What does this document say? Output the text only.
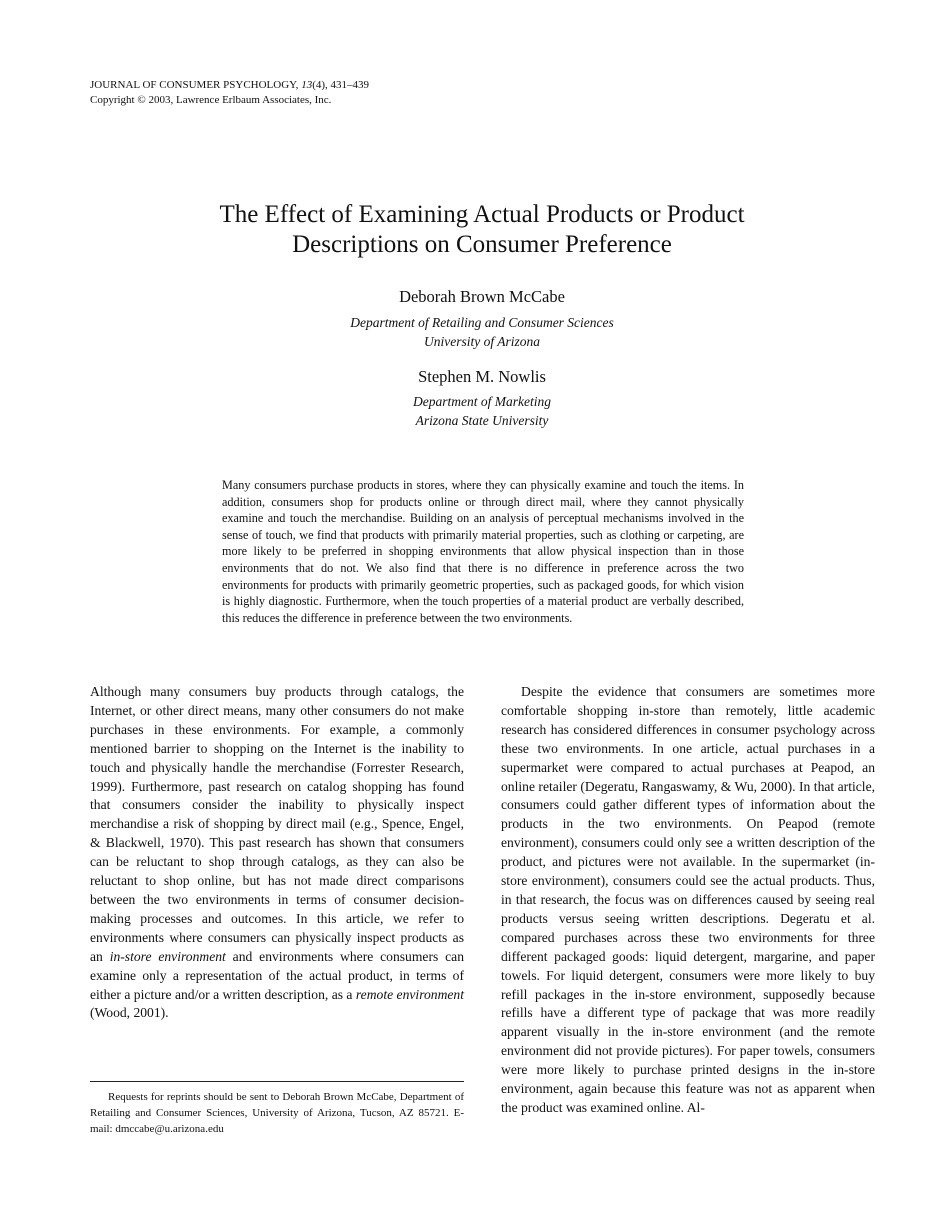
JOURNAL OF CONSUMER PSYCHOLOGY, 13(4), 431–439
Copyright © 2003, Lawrence Erlbaum Associates, Inc.
The Effect of Examining Actual Products or Product
Descriptions on Consumer Preference
Deborah Brown McCabe
Department of Retailing and Consumer Sciences
University of Arizona
Stephen M. Nowlis
Department of Marketing
Arizona State University

Many consumers purchase products in stores, where they can physically examine and touch the items. In addition, consumers shop for products online or through direct mail, where they cannot physically examine and touch the merchandise. Building on an analysis of perceptual mechanisms involved in the sense of touch, we find that products with primarily material properties, such as clothing or carpeting, are more likely to be preferred in shopping environments that allow physical inspection than in those environments that do not. We also find that there is no difference in preference across the two environments for products with primarily geometric properties, such as packaged goods, for which vision is highly diagnostic. Furthermore, when the touch properties of a material product are verbally described, this reduces the difference in preference between the two environments.

Although many consumers buy products through catalogs, the Internet, or other direct means, many other consumers do not make purchases in these environments. For example, a commonly mentioned barrier to shopping on the Internet is the inability to touch and physically handle the merchandise (Forrester Research, 1999). Furthermore, past research on catalog shopping has found that consumers consider the inability to physically inspect merchandise a risk of shopping by direct mail (e.g., Spence, Engel, & Blackwell, 1970). This past research has shown that consumers can be reluctant to shop through catalogs, as they can also be reluctant to shop online, but has not made direct comparisons between the two environments in terms of consumer decision-making processes and outcomes. In this article, we refer to environments where consumers can physically inspect products as an in-store environment and environments where consumers can examine only a representation of the actual product, in terms of either a picture and/or a written description, as a remote environment (Wood, 2001).

Despite the evidence that consumers are sometimes more comfortable shopping in-store than remotely, little academic research has considered differences in consumer psychology across these two environments. In one article, actual purchases in a supermarket were compared to actual purchases at Peapod, an online retailer (Degeratu, Rangaswamy, & Wu, 2000). In that article, consumers could gather different types of information about the products in the two environments. On Peapod (remote environment), consumers could only see a written description of the product, and pictures were not available. In the supermarket (in-store environment), consumers could see the actual products. Thus, in that research, the focus was on differences caused by seeing real products versus seeing written descriptions. Degeratu et al. compared purchases across these two environments for three different packaged goods: liquid detergent, margarine, and paper towels. For liquid detergent, consumers were more likely to buy refill packages in the in-store environment, supposedly because refills have a different type of package that was more readily apparent visually in the in-store environment (and the remote environment did not provide pictures). For paper towels, consumers were more likely to purchase printed designs in the in-store environment, again because this feature was not as apparent when the product was examined online. Al-

Requests for reprints should be sent to Deborah Brown McCabe, Department of Retailing and Consumer Sciences, University of Arizona, Tucson, AZ 85721. E-mail: dmccabe@u.arizona.edu
